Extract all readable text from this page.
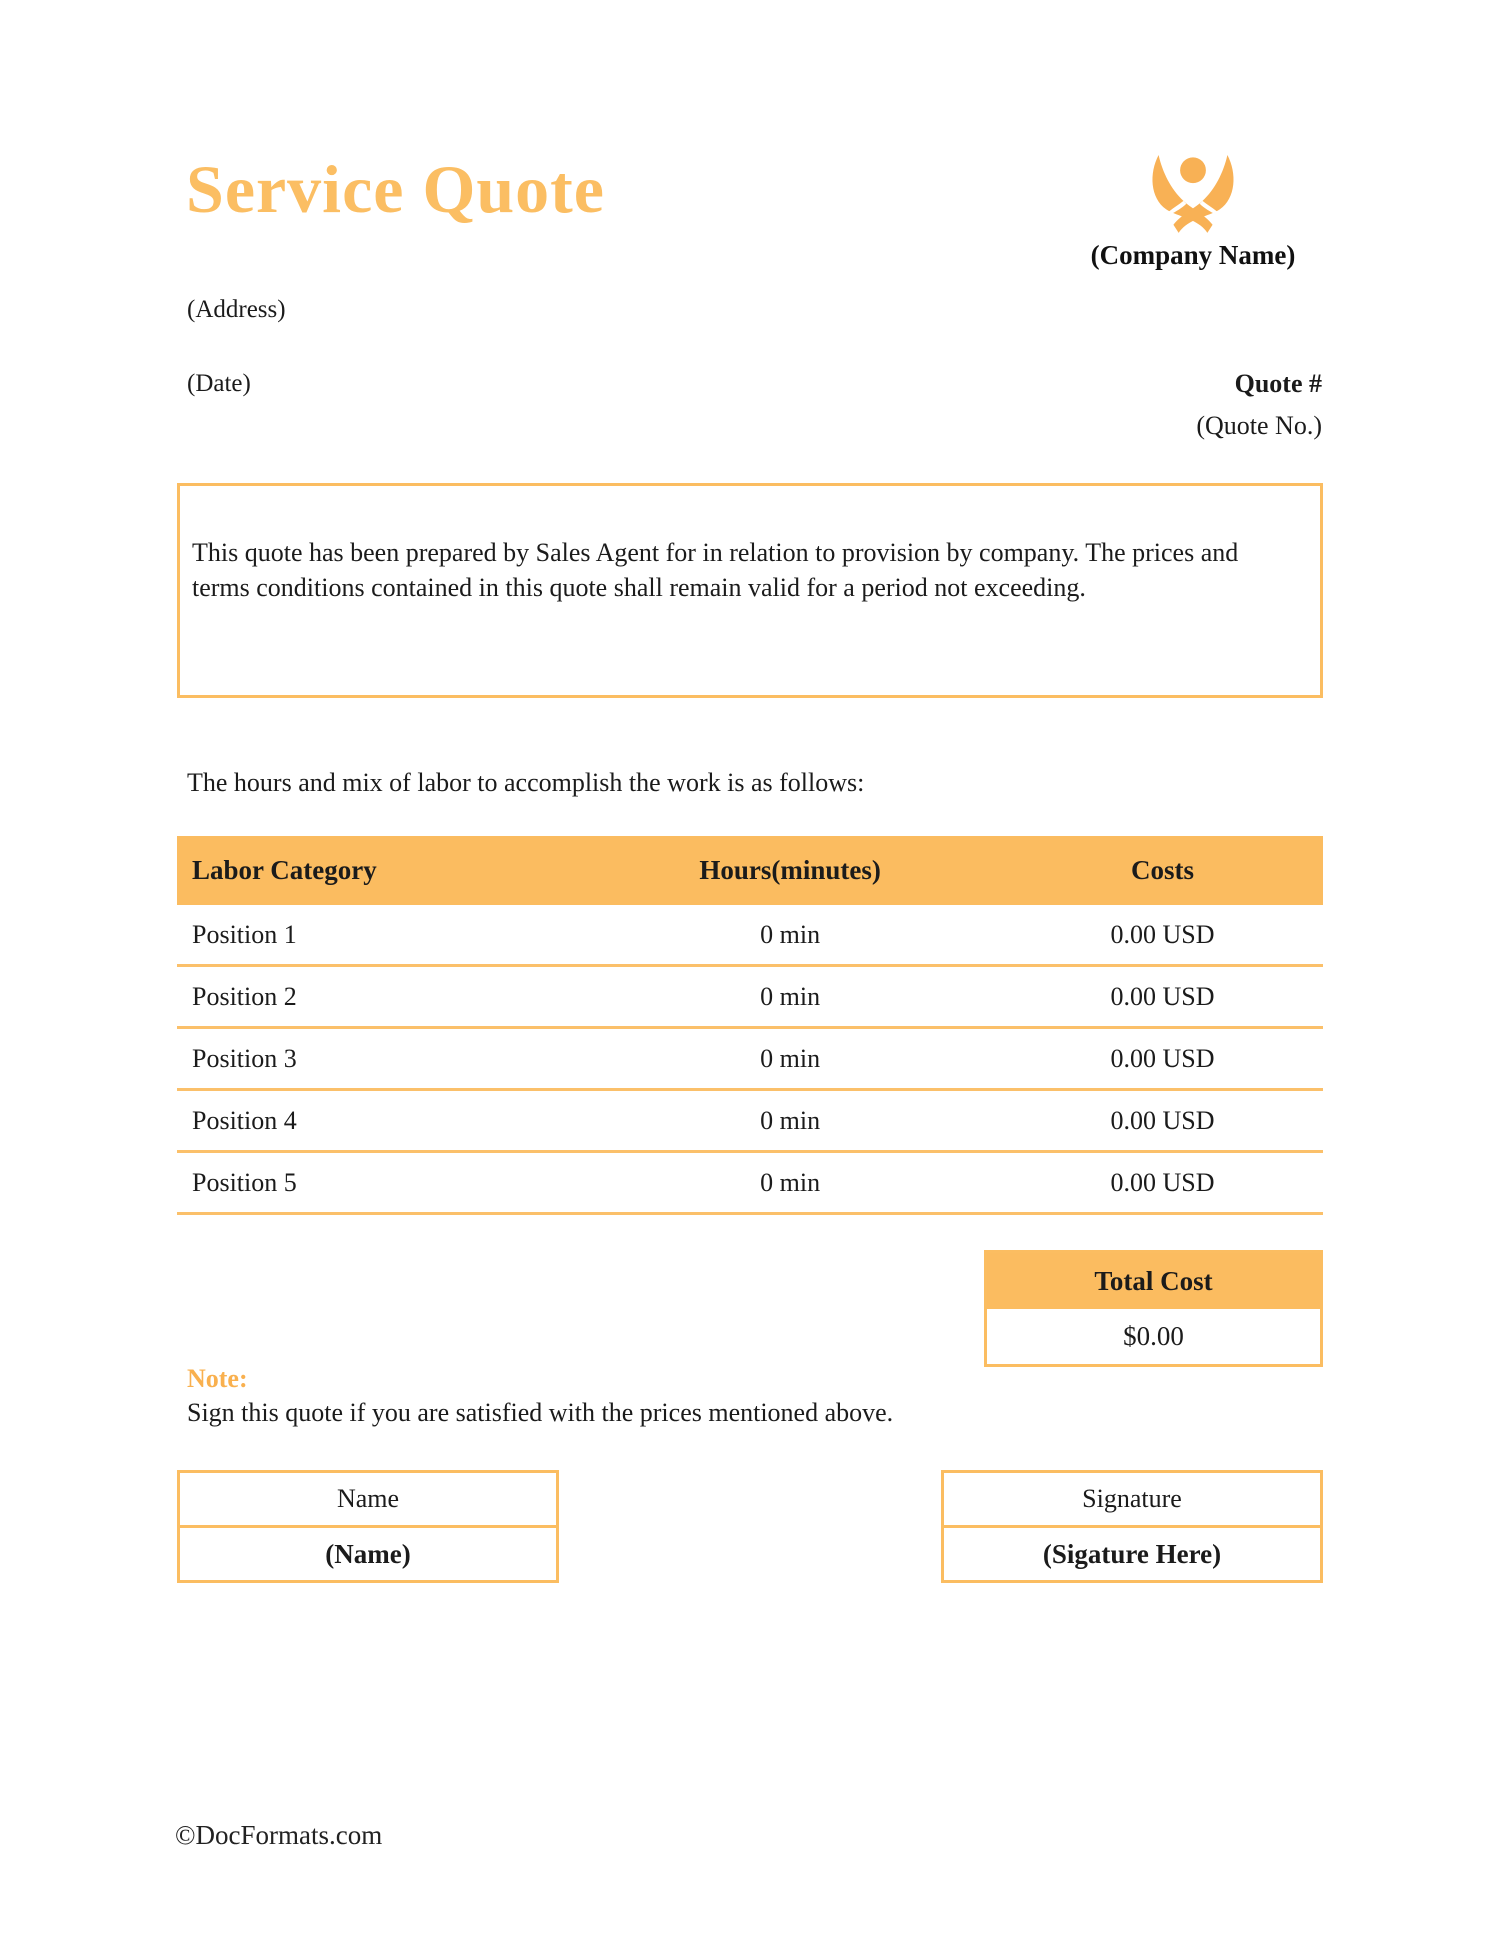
Service Quote
(Company Name)
(Address)
(Date)	Quote #
(Quote No.)
This quote has been prepared by Sales Agent for in relation to provision by company. The prices and terms conditions contained in this quote shall remain valid for a period not exceeding.
The hours and mix of labor to accomplish the work is as follows:
Labor Category	Hours(minutes)	Costs
Position 1	0 min	0.00 USD
Position 2	0 min	0.00 USD
Position 3	0 min	0.00 USD
Position 4	0 min	0.00 USD
Position 5	0 min	0.00 USD
Total Cost
$0.00
Note:
Sign this quote if you are satisfied with the prices mentioned above.
Name
(Name)
Signature
(Sigature Here)
©DocFormats.com
